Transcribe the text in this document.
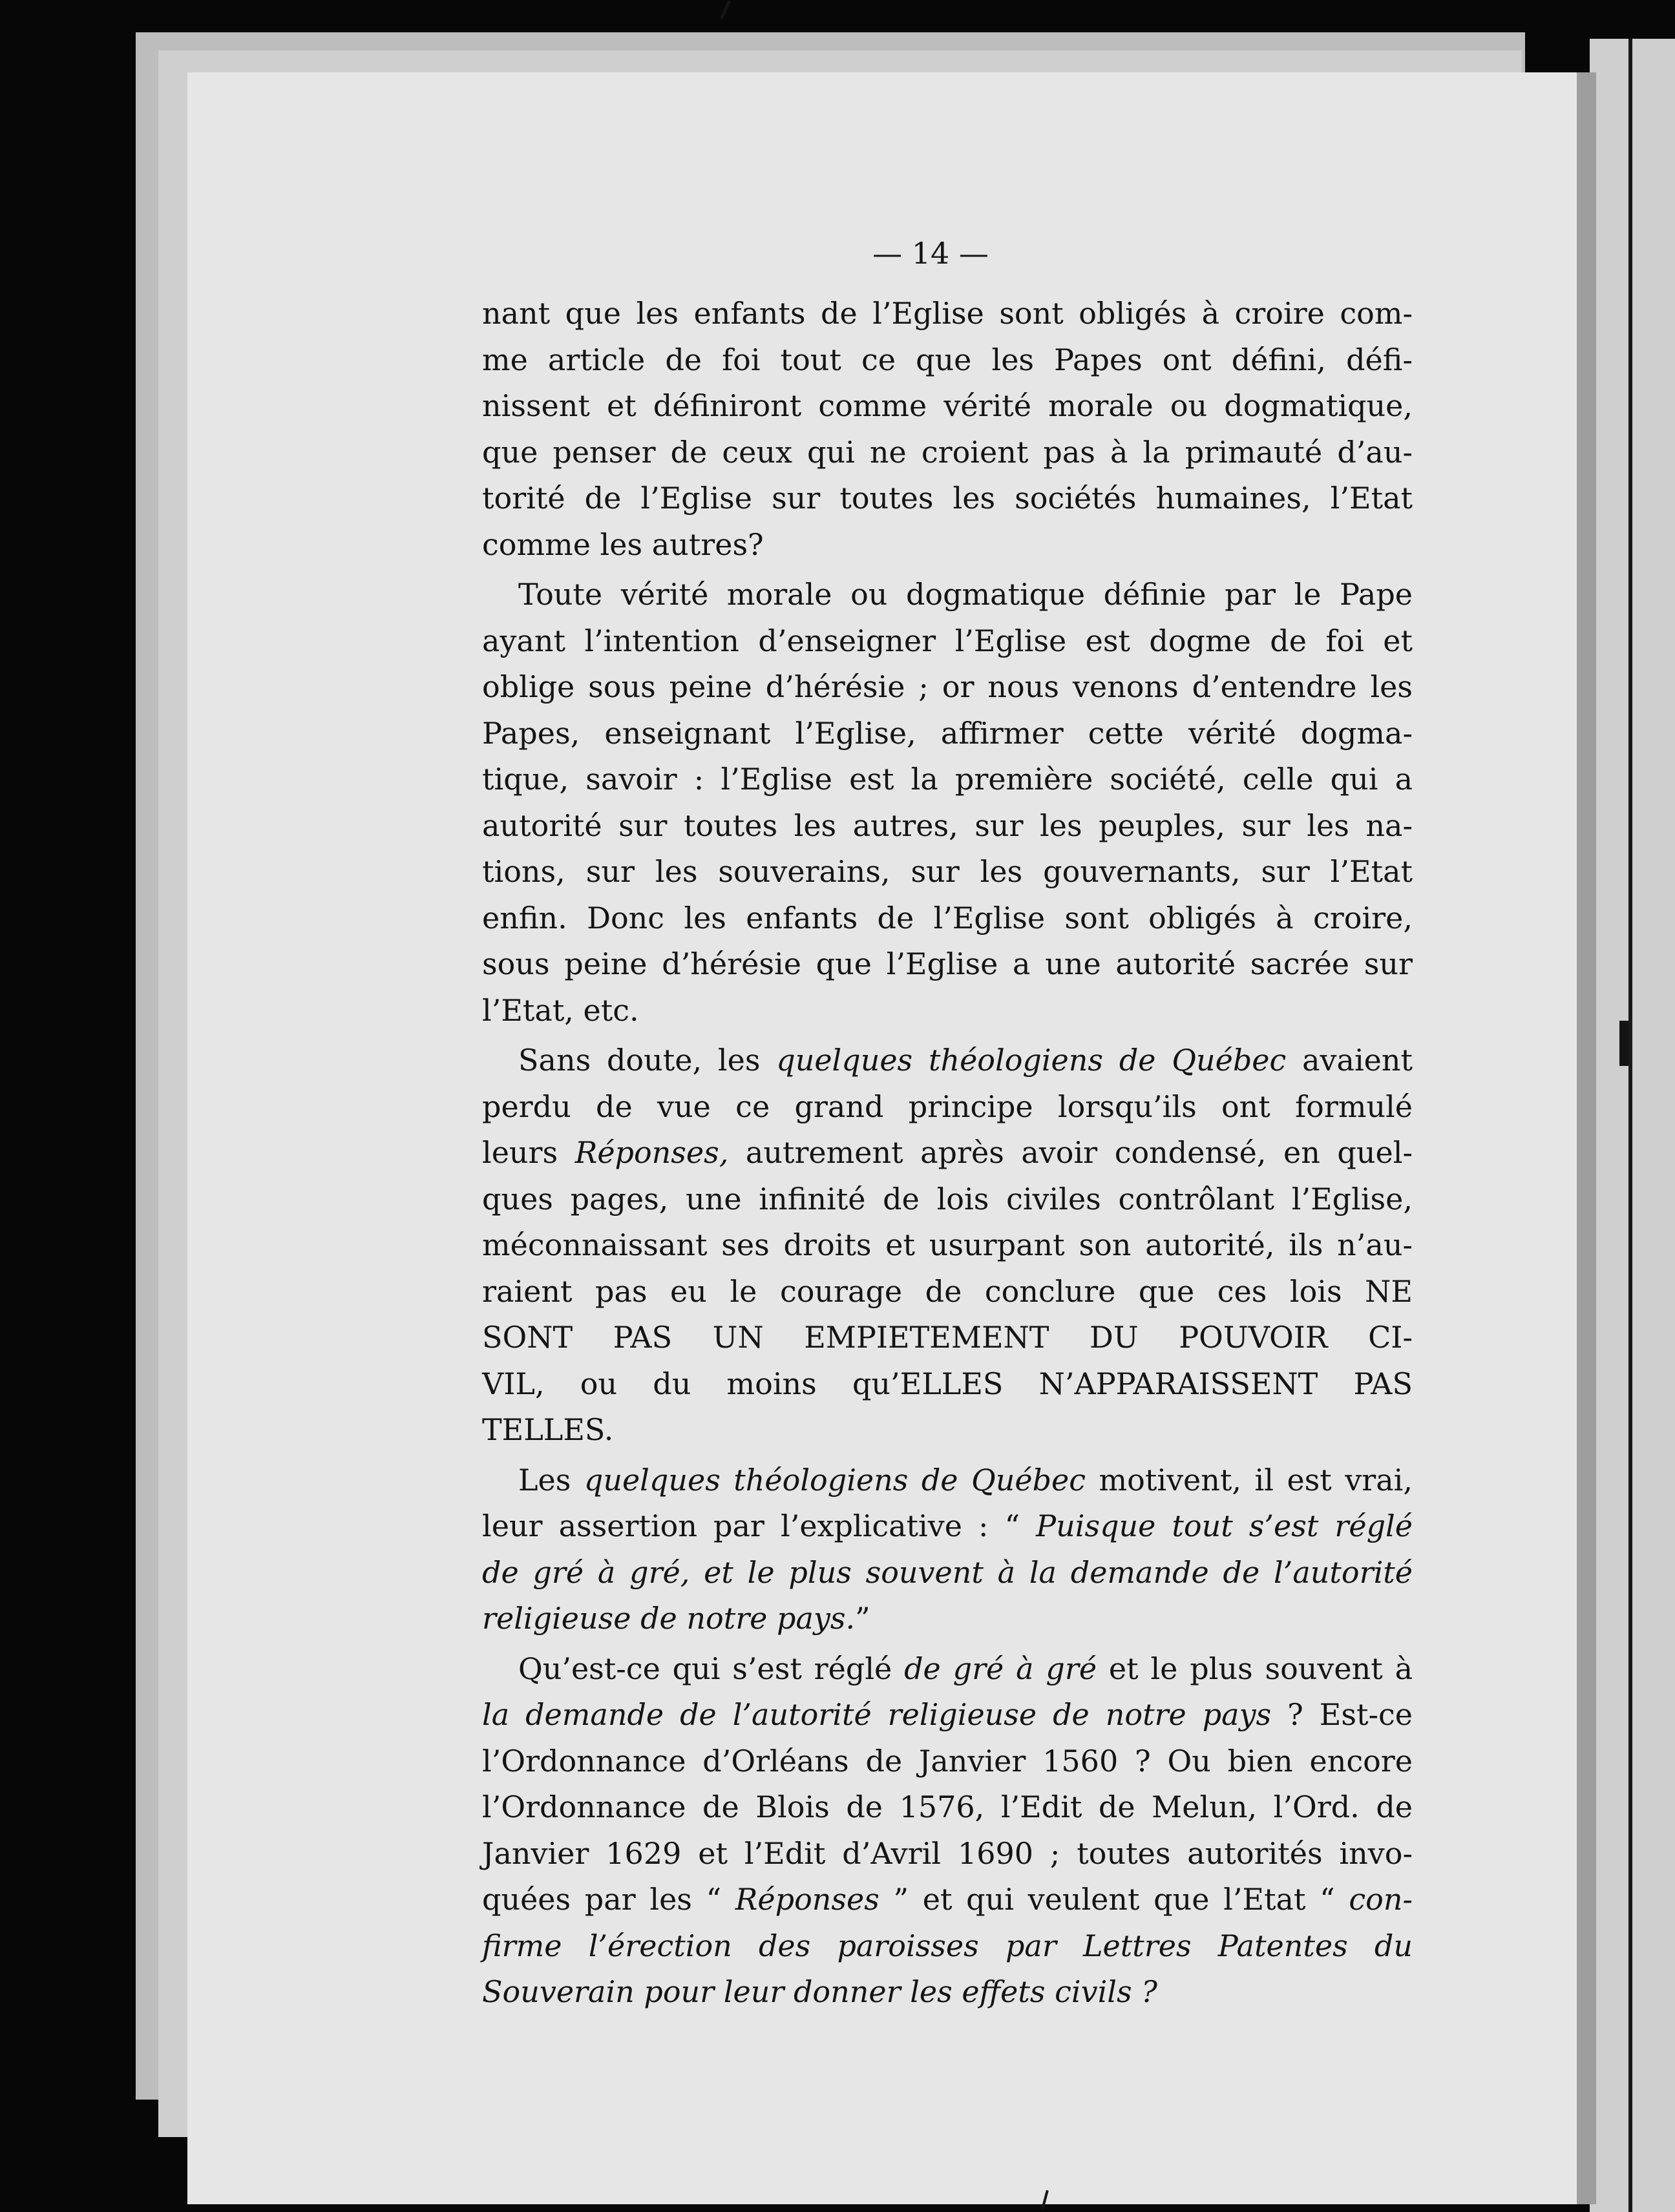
— 14 —
nant que les enfants de l’Eglise sont obligés à croire com-
me article de foi tout ce que les Papes ont défini, défi-
nissent et définiront comme vérité morale ou dogmatique,
que penser de ceux qui ne croient pas à la primauté d’au-
torité de l’Eglise sur toutes les sociétés humaines, l’Etat
comme les autres?
Toute vérité morale ou dogmatique définie par le Pape
ayant l’intention d’enseigner l’Eglise est dogme de foi et
oblige sous peine d’hérésie ; or nous venons d’entendre les
Papes, enseignant l’Eglise, affirmer cette vérité dogma-
tique, savoir : l’Eglise est la première société, celle qui a
autorité sur toutes les autres, sur les peuples, sur les na-
tions, sur les souverains, sur les gouvernants, sur l’Etat
enfin. Donc les enfants de l’Eglise sont obligés à croire,
sous peine d’hérésie que l’Eglise a une autorité sacrée sur
l’Etat, etc.
Sans doute, les quelques théologiens de Québec avaient
perdu de vue ce grand principe lorsqu’ils ont formulé
leurs Réponses, autrement après avoir condensé, en quel-
ques pages, une infinité de lois civiles contrôlant l’Eglise,
méconnaissant ses droits et usurpant son autorité, ils n’au-
raient pas eu le courage de conclure que ces lois NE
SONT PAS UN EMPIETEMENT DU POUVOIR CI-
VIL, ou du moins qu’ELLES N’APPARAISSENT PAS
TELLES.
Les quelques théologiens de Québec motivent, il est vrai,
leur assertion par l’explicative : “ Puisque tout s’est réglé
de gré à gré, et le plus souvent à la demande de l’autorité
religieuse de notre pays.”
Qu’est-ce qui s’est réglé de gré à gré et le plus souvent à
la demande de l’autorité religieuse de notre pays ? Est-ce
l’Ordonnance d’Orléans de Janvier 1560 ? Ou bien encore
l’Ordonnance de Blois de 1576, l’Edit de Melun, l’Ord. de
Janvier 1629 et l’Edit d’Avril 1690 ; toutes autorités invo-
quées par les “ Réponses ” et qui veulent que l’Etat “ con-
firme l’érection des paroisses par Lettres Patentes du
Souverain pour leur donner les effets civils ?
